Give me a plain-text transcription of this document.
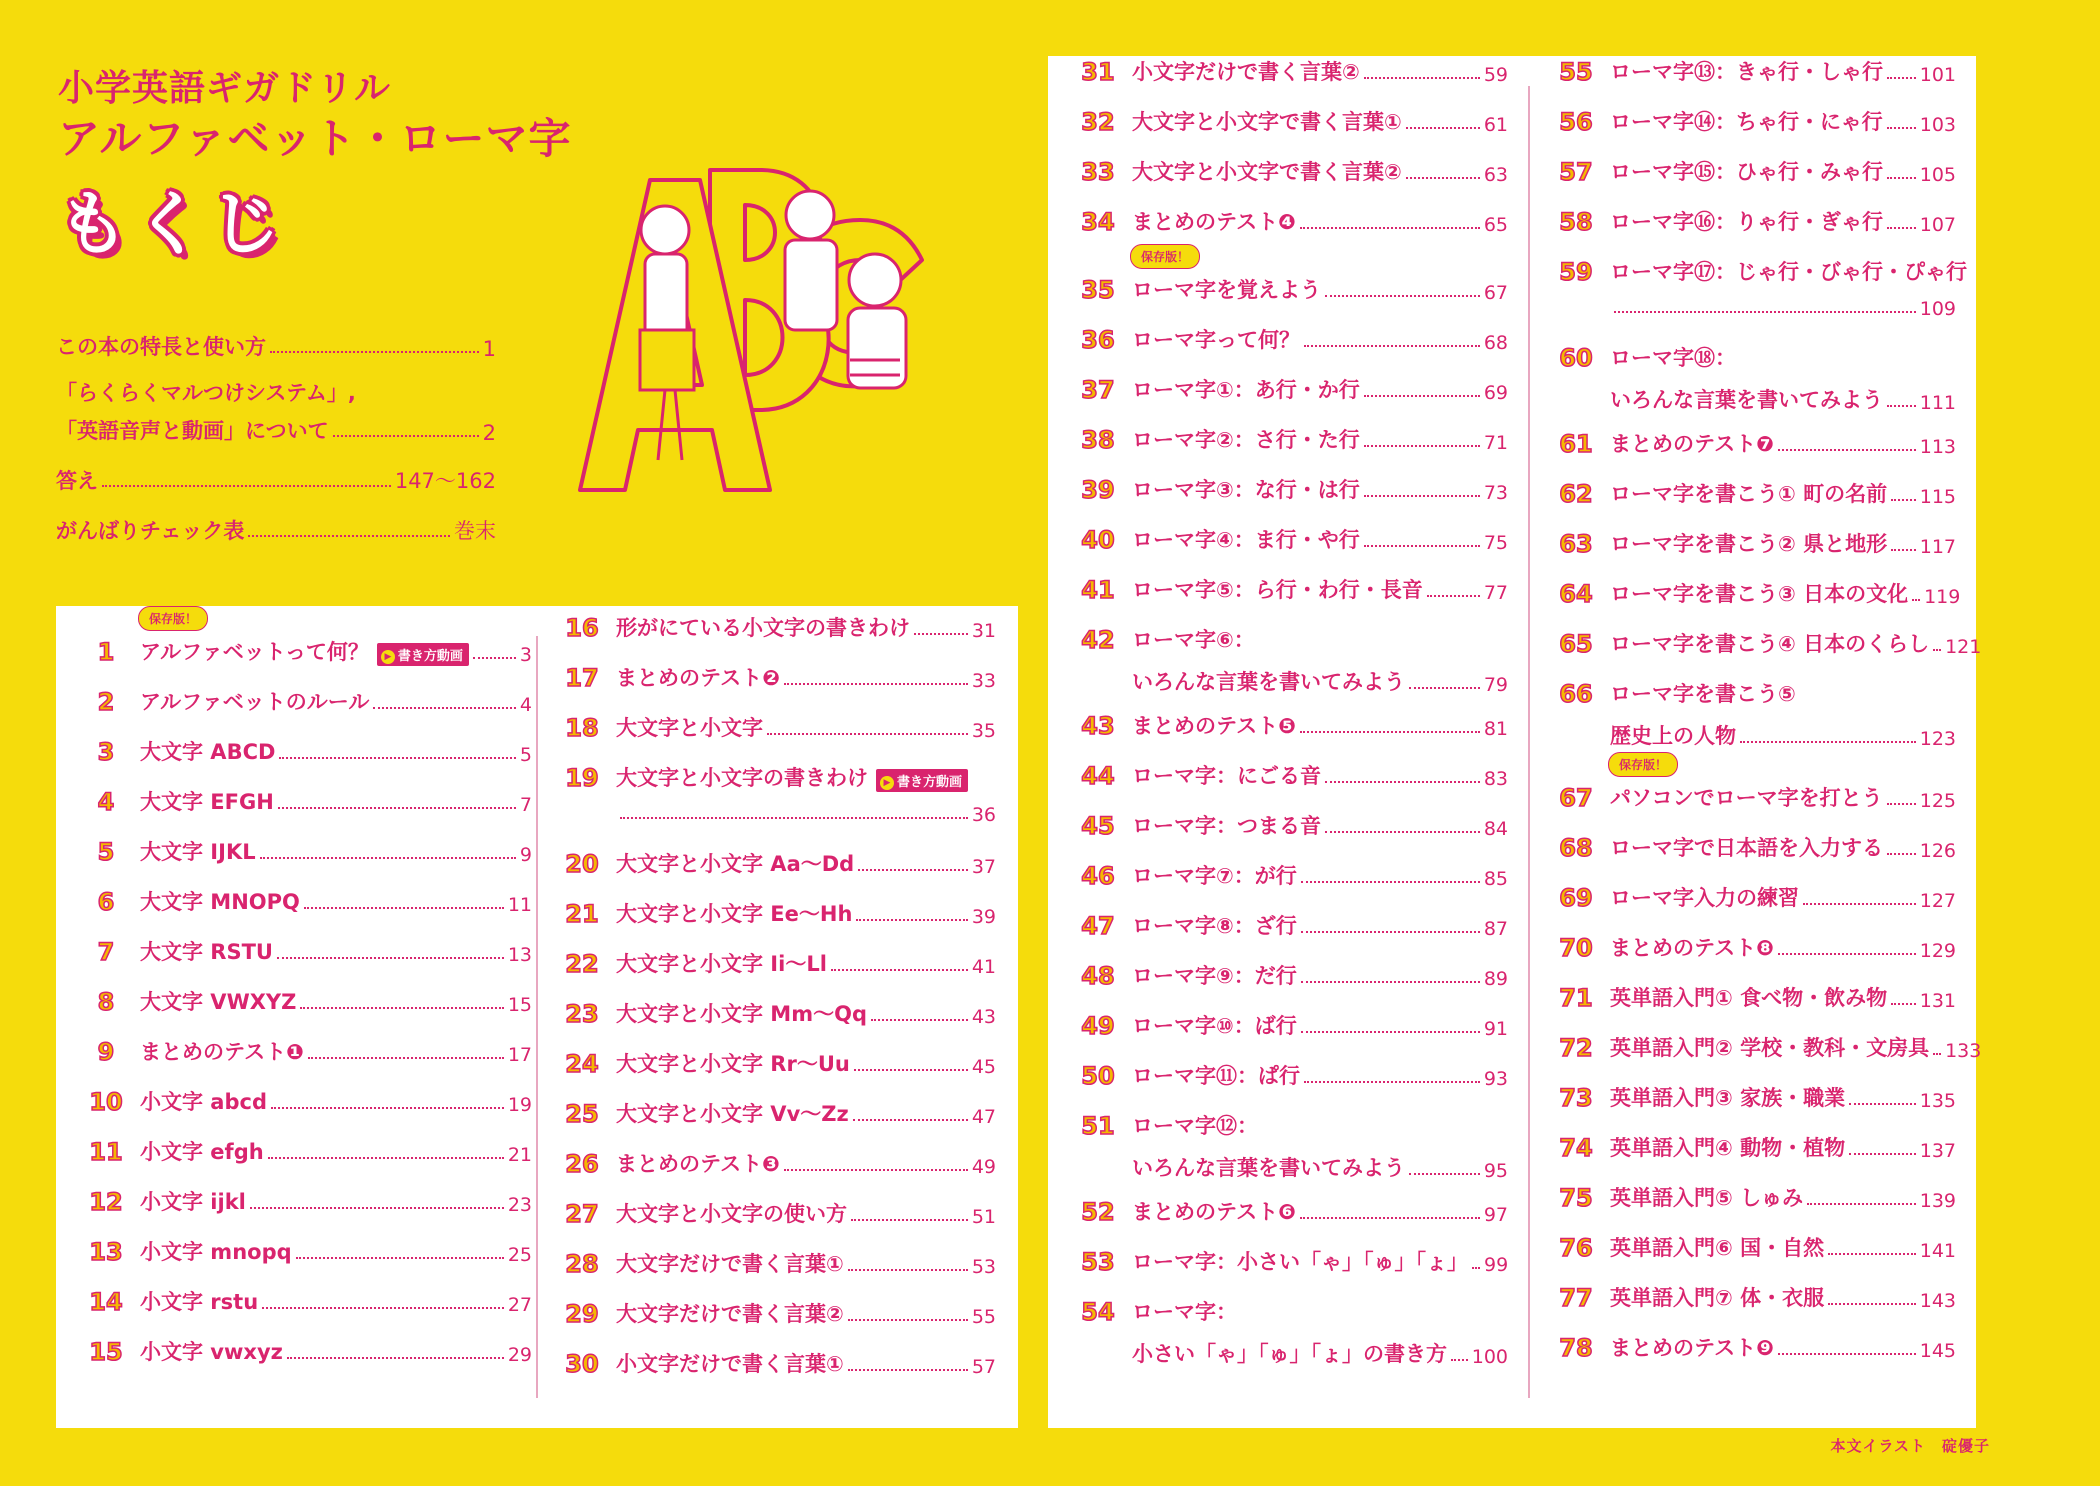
小学英語ギガドリル
アルファベット・ローマ字
もくじ
この本の特長と使い方	1
「らくらくマルつけシステム」,
「英語音声と動画」について	2
答え	147～162
がんばりチェック表	巻末
保存版！
1	アルファベットって何？	▶ 書き方動画	3
2	アルファベットのルール	4
3	大文字 ABCD	5
4	大文字 EFGH	7
5	大文字 IJKL	9
6	大文字 MNOPQ	11
7	大文字 RSTU	13
8	大文字 VWXYZ	15
9	まとめのテスト❶	17
10 小文字 abcd	19
11 小文字 efgh	21
12 小文字 ijkl	23
13 小文字 mnopq	25
14 小文字 rstu	27
15 小文字 vwxyz	29
16 形がにている小文字の書きわけ	31
17 まとめのテスト❷	33
18 大文字と小文字	35
19 大文字と小文字の書きわけ	▶ 書き方動画
36
20 大文字と小文字 Aa～Dd	37
21 大文字と小文字 Ee～Hh	39
22 大文字と小文字 Ii～Ll	41
23 大文字と小文字 Mm～Qq	43
24 大文字と小文字 Rr～Uu	45
25 大文字と小文字 Vv～Zz	47
26 まとめのテスト❸	49
27 大文字と小文字の使い方	51
28 大文字だけで書く言葉①	53
29 大文字だけで書く言葉②	55
30 小文字だけで書く言葉①	57
31 小文字だけで書く言葉②	59
32 大文字と小文字で書く言葉①	61
33 大文字と小文字で書く言葉②	63
34 まとめのテスト❹	65
保存版！
35 ローマ字を覚えよう	67
36 ローマ字って何？	68
37 ローマ字①：あ行・か行	69
38 ローマ字②：さ行・た行	71
39 ローマ字③：な行・は行	73
40 ローマ字④：ま行・や行	75
41 ローマ字⑤：ら行・わ行・長音	77
42 ローマ字⑥：
いろんな言葉を書いてみよう	79
43 まとめのテスト❺	81
44 ローマ字：にごる音	83
45 ローマ字：つまる音	84
46 ローマ字⑦：が行	85
47 ローマ字⑧：ざ行	87
48 ローマ字⑨：だ行	89
49 ローマ字⑩：ば行	91
50 ローマ字⑪：ぱ行	93
51 ローマ字⑫：
いろんな言葉を書いてみよう	95
52 まとめのテスト❻	97
53 ローマ字：小さい「ゃ」「ゅ」「ょ」 99
54 ローマ字：
小さい「ゃ」「ゅ」「ょ」の書き方 100
55 ローマ字⑬：きゃ行・しゃ行 101
56 ローマ字⑭：ちゃ行・にゃ行 103
57 ローマ字⑮：ひゃ行・みゃ行 105
58 ローマ字⑯：りゃ行・ぎゃ行 107
59 ローマ字⑰：じゃ行・びゃ行・ぴゃ行
109
60 ローマ字⑱：
いろんな言葉を書いてみよう 111
61 まとめのテスト❼	113
62 ローマ字を書こう① 町の名前 115
63 ローマ字を書こう② 県と地形 117
64 ローマ字を書こう③ 日本の文化 119
65 ローマ字を書こう④ 日本のくらし 121
66 ローマ字を書こう⑤
歴史上の人物	123
保存版！
67 パソコンでローマ字を打とう 125
68 ローマ字で日本語を入力する 126
69 ローマ字入力の練習	127
70 まとめのテスト❽	129
71 英単語入門① 食べ物・飲み物 131
72 英単語入門② 学校・教科・文房具 133
73 英単語入門③ 家族・職業	135
74 英単語入門④ 動物・植物	137
75 英単語入門⑤ しゅみ	139
76 英単語入門⑥ 国・自然	141
77 英単語入門⑦ 体・衣服	143
78 まとめのテスト❾	145
本文イラスト　碇優子
